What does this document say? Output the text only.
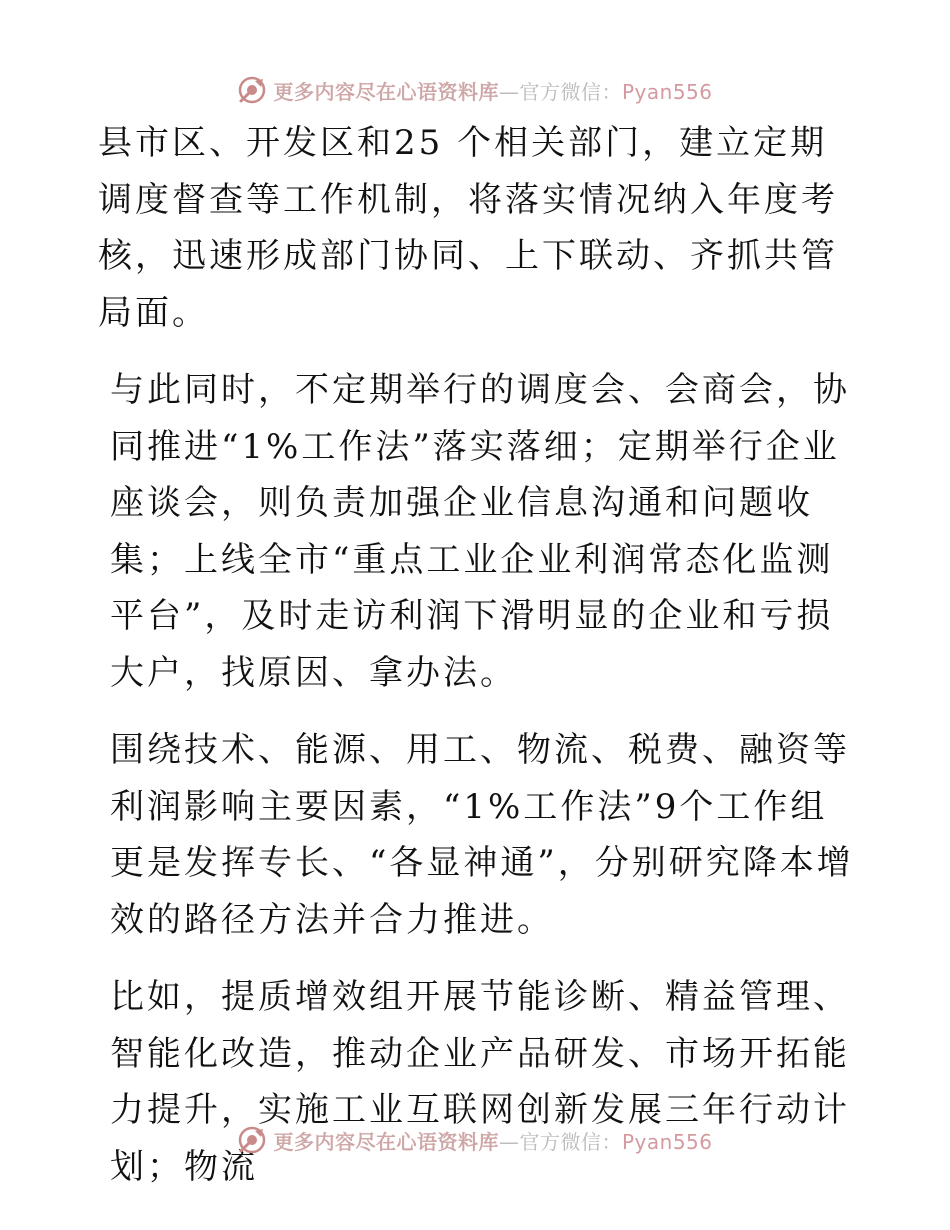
更多内容尽在心语资料库—官方微信：Pyan556

县市区、开发区和25 个相关部门，建立定期调度督查等工作机制，将落实情况纳入年度考核，迅速形成部门协同、上下联动、齐抓共管局面。

与此同时，不定期举行的调度会、会商会，协同推进“1%工作法”落实落细；定期举行企业座谈会，则负责加强企业信息沟通和问题收集；上线全市“重点工业企业利润常态化监测平台”，及时走访利润下滑明显的企业和亏损大户，找原因、拿办法。

围绕技术、能源、用工、物流、税费、融资等利润影响主要因素，“1%工作法”9个工作组更是发挥专长、“各显神通”，分别研究降本增效的路径方法并合力推进。

比如，提质增效组开展节能诊断、精益管理、智能化改造，推动企业产品研发、市场开拓能力提升，实施工业互联网创新发展三年行动计划；物流

更多内容尽在心语资料库—官方微信：Pyan556
